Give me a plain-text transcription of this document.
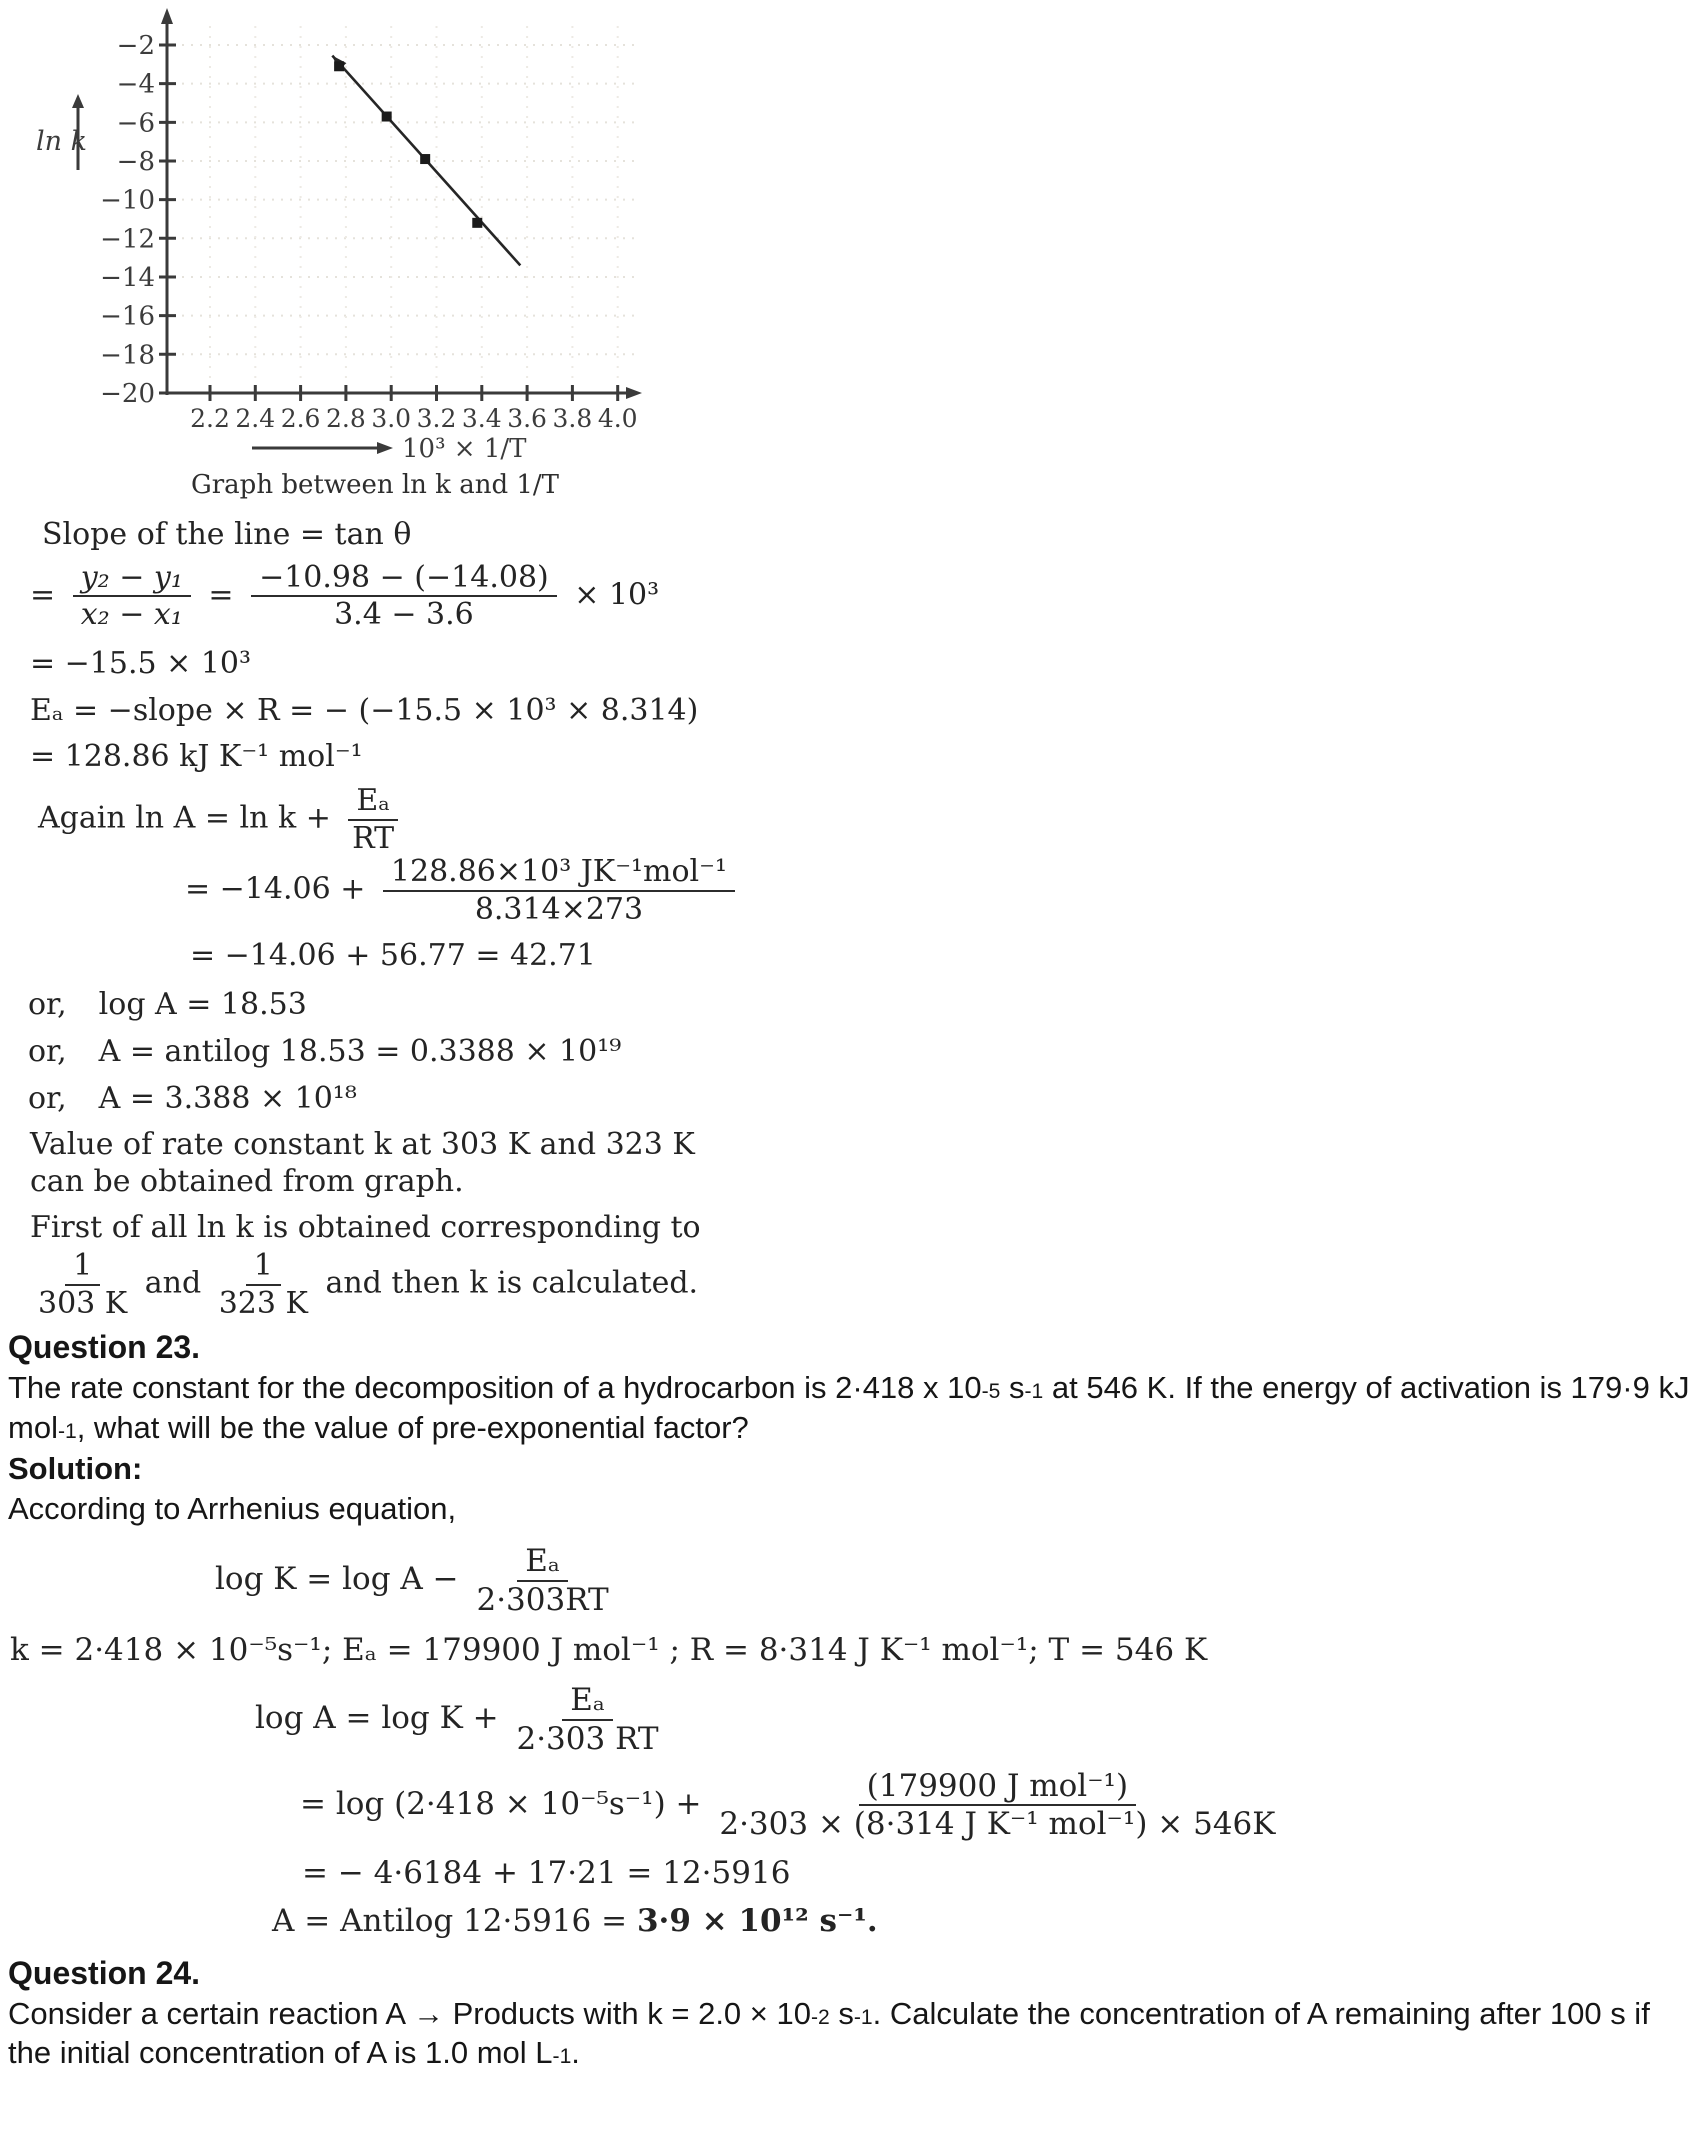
−2
−4
−6
−8
−10
−12
−14
−16
−18
−20
2.2 2.4 2.6 2.8 3.0 3.2 3.4 3.6 3.8 4.0
ln k
10³ × 1/T
Graph between ln k and 1/T
Slope of the line = tan θ
= $\frac{\text{y₂ − y₁}}{\text{x₂ − x₁}} = \frac{-10.98 - (-14.08)}{3.4 - 3.6} \times 10^3$
= −15.5 × 10³
Eₐ = −slope × R = − (−15.5 × 10³ × 8.314)
= 128.86 kJ K⁻¹ mol⁻¹
Again $\ln A = \ln k + \frac{\text{Eₐ}}{RT}$
= $-14.06 + \frac{\text{128.86×10³ JK⁻¹mol⁻¹}}{8.314\times 273}$
= −14.06 + 56.77 = 42.71
or, log A = 18.53
or, A = antilog 18.53 = 0.3388 × 10¹⁹
or, A = 3.388 × 10¹⁸
Value of rate constant k at 303 K and 323 K can be obtained from graph.
First of all ln k is obtained corresponding to
$\frac{1}{303 K}$ and $\frac{1}{323 K}$ and then k is calculated.
Question 23.
The rate constant for the decomposition of a hydrocarbon is 2·418 x 10-5 s-1 at 546 K. If the energy of activation is 179·9 kJ mol-1, what will be the value of pre-exponential factor?
Solution:
According to Arrhenius equation,
$\log K = \log A - \frac{\text{Eₐ}}{2\cdot 303RT}$
k = 2·418 × 10⁻⁵s⁻¹; Eₐ = 179900 J mol⁻¹ ; R = 8·314 J K⁻¹ mol⁻¹; T = 546 K
$\log A = \log K + \frac{\text{Eₐ}}{2\cdot 303 RT}$
= $\log (2\cdot 418 \times 10^{-5}s^{-1}) + \frac{\text{(179900 J mol⁻¹)}}{\text{2·303 × (8·314 J K⁻¹ mol⁻¹) × 546K}}$
= − 4·6184 + 17·21 = 12·5916
A = Antilog 12·5916 = 3·9 × 10¹² s⁻¹.
Question 24.
Consider a certain reaction A → Products with k = 2.0 × 10-2 s-1. Calculate the concentration of A remaining after 100 s if the initial concentration of A is 1.0 mol L-1.
